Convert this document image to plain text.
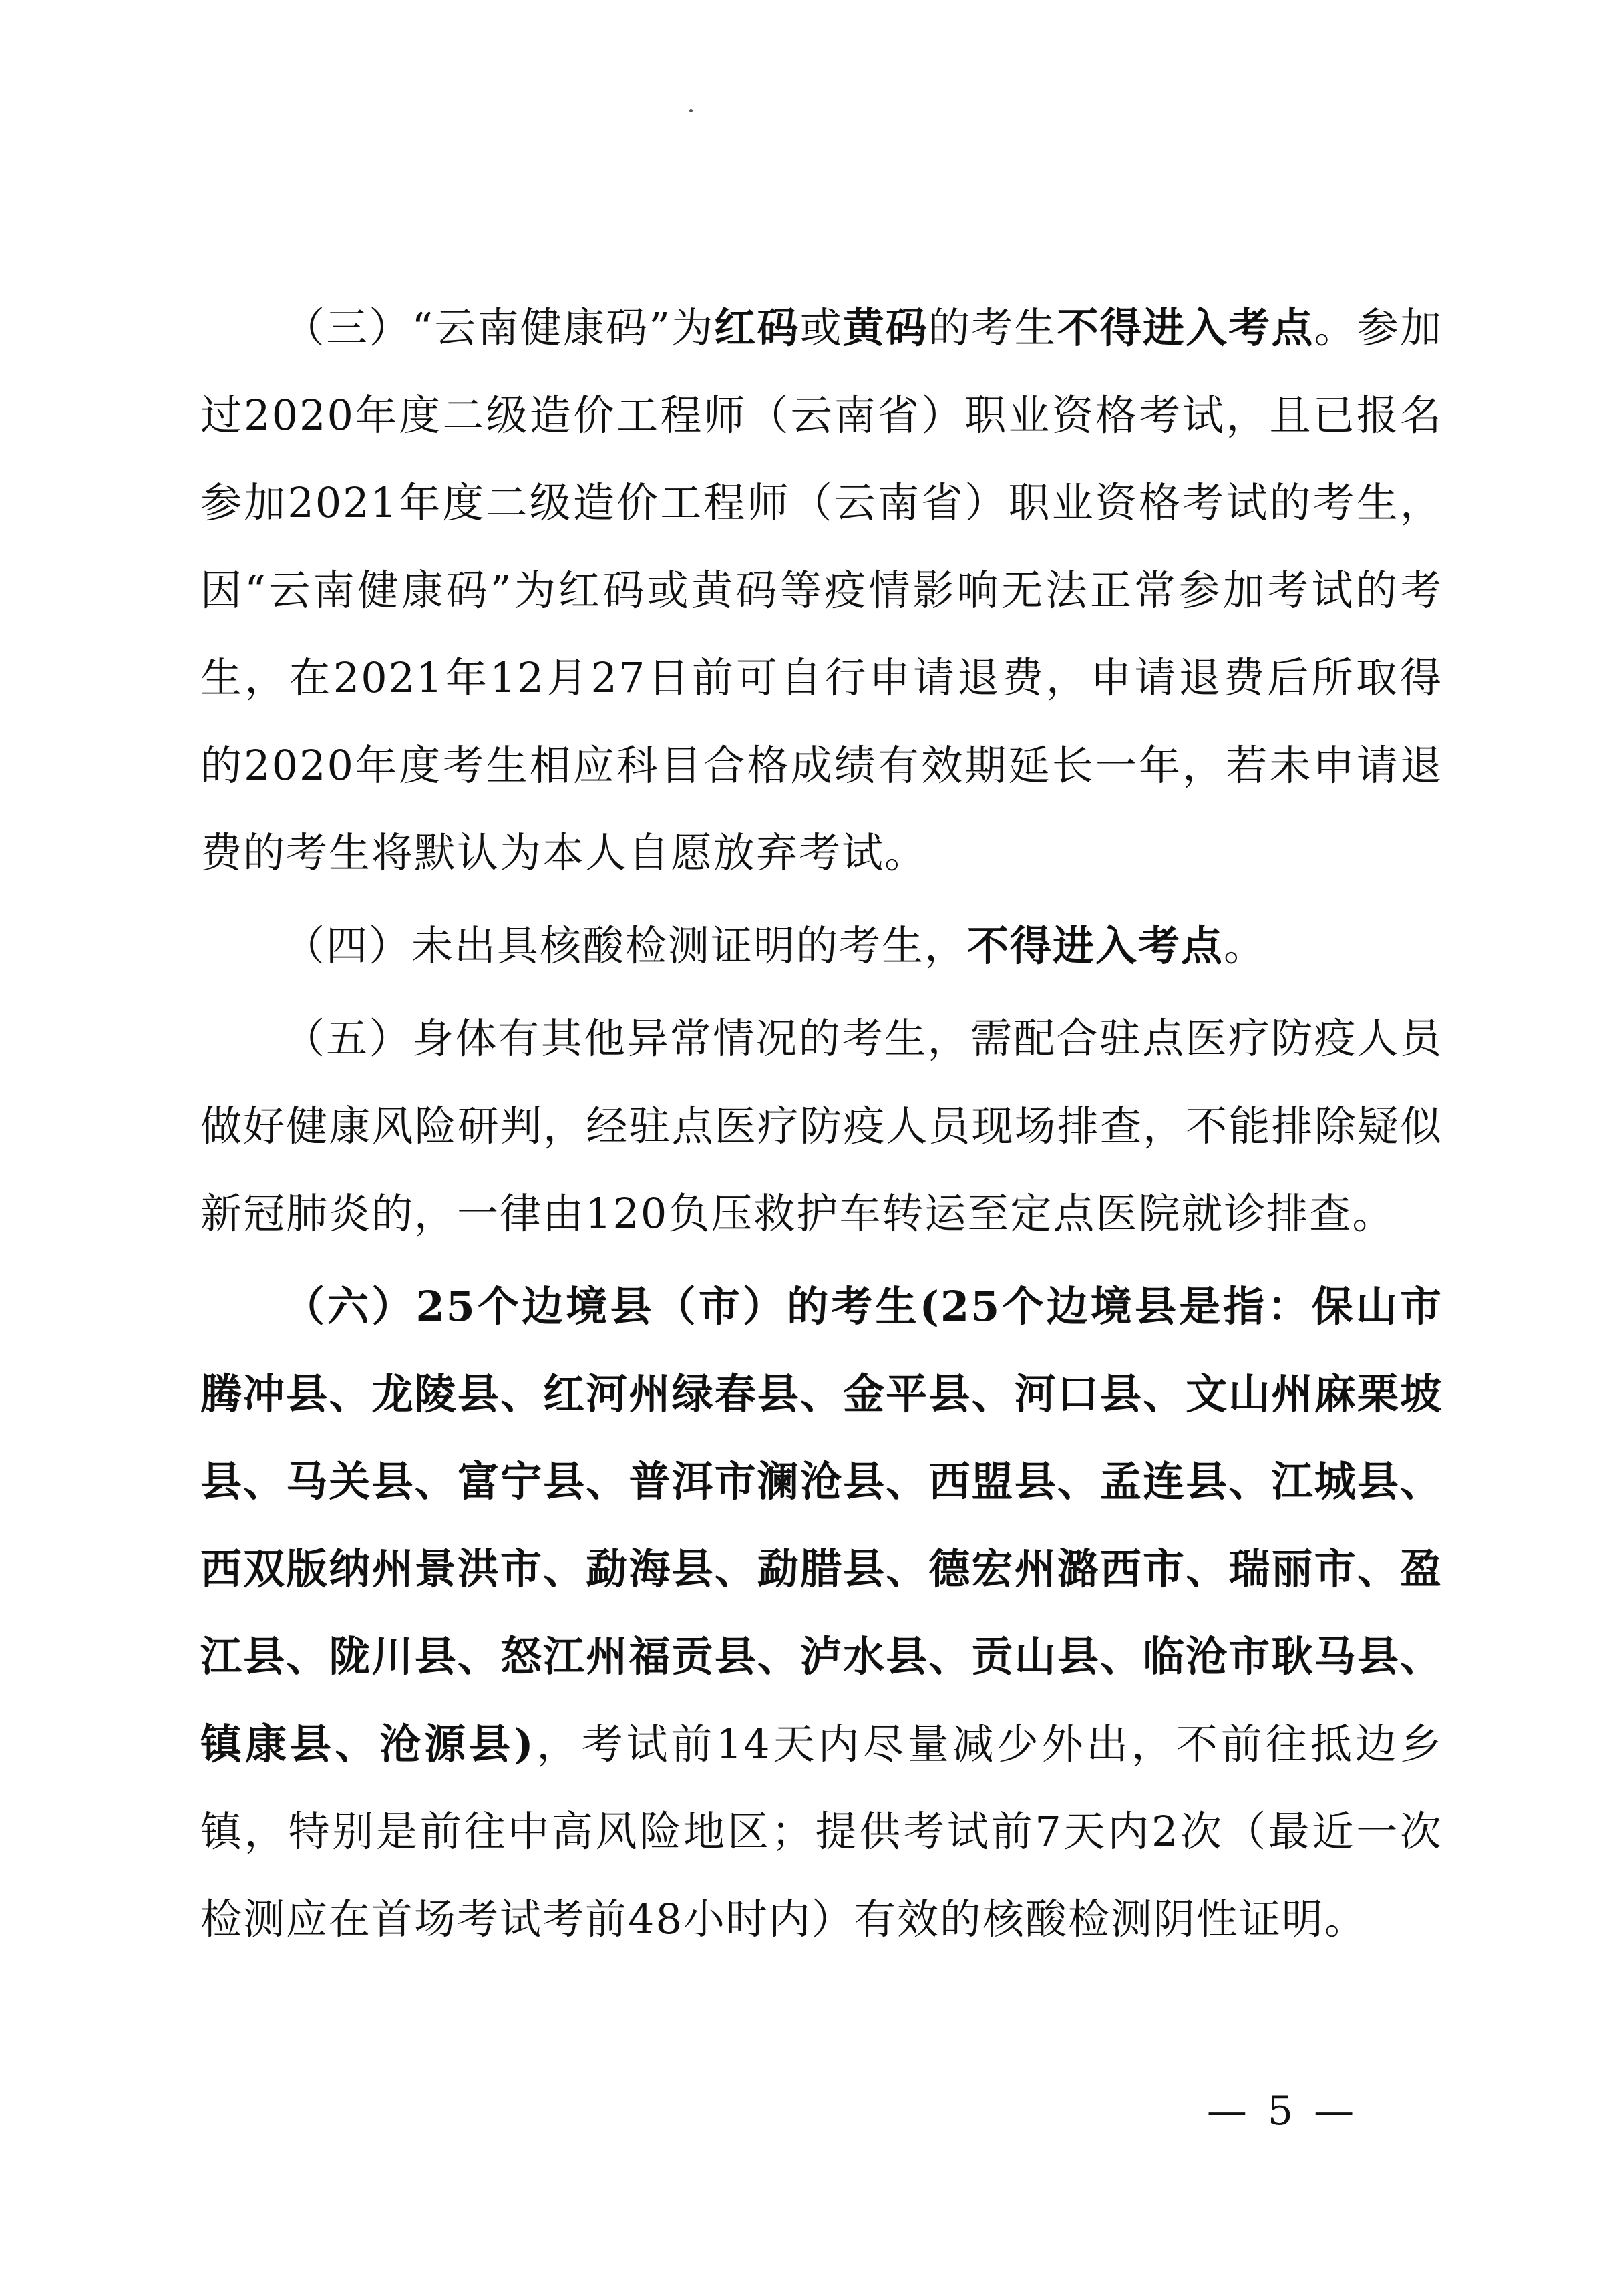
（三）“云南健康码”为红码或黄码的考生不得进入考点。参加过2020年度二级造价工程师（云南省）职业资格考试，且已报名参加2021年度二级造价工程师（云南省）职业资格考试的考生，因“云南健康码”为红码或黄码等疫情影响无法正常参加考试的考生，在2021年12月27日前可自行申请退费，申请退费后所取得的2020年度考生相应科目合格成绩有效期延长一年，若未申请退费的考生将默认为本人自愿放弃考试。

（四）未出具核酸检测证明的考生，不得进入考点。

（五）身体有其他异常情况的考生，需配合驻点医疗防疫人员做好健康风险研判，经驻点医疗防疫人员现场排查，不能排除疑似新冠肺炎的，一律由120负压救护车转运至定点医院就诊排查。

（六）25个边境县（市）的考生(25个边境县是指：保山市腾冲县、龙陵县、红河州绿春县、金平县、河口县、文山州麻栗坡县、马关县、富宁县、普洱市澜沧县、西盟县、孟连县、江城县、西双版纳州景洪市、勐海县、勐腊县、德宏州潞西市、瑞丽市、盈江县、陇川县、怒江州福贡县、泸水县、贡山县、临沧市耿马县、镇康县、沧源县)，考试前14天内尽量减少外出，不前往抵边乡镇，特别是前往中高风险地区；提供考试前7天内2次（最近一次检测应在首场考试考前48小时内）有效的核酸检测阴性证明。

— 5 —
